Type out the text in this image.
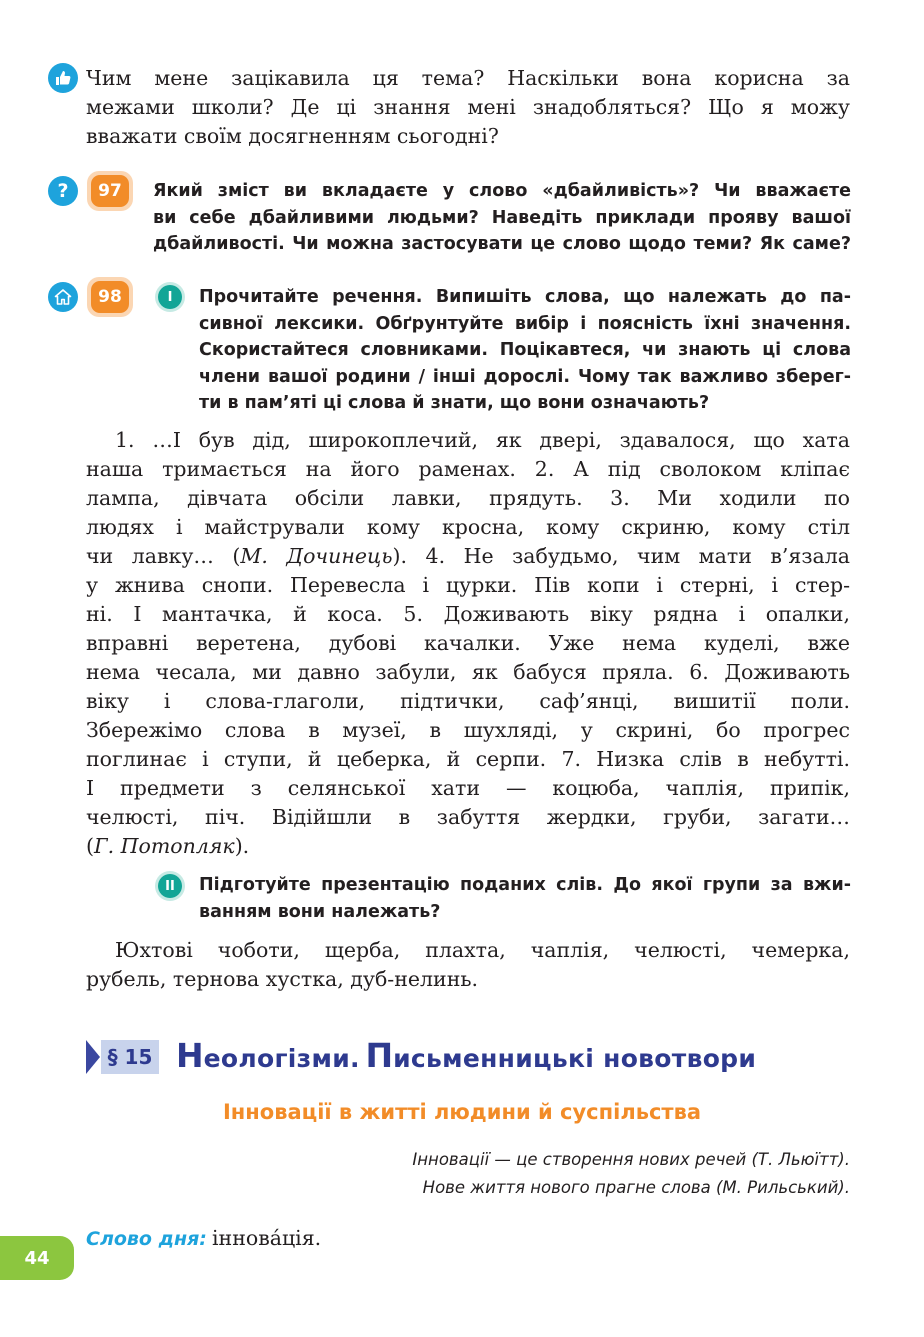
Чим мене зацікавила ця тема? Наскільки вона корисна за
межами школи? Де ці знання мені знадобляться? Що я можу
вважати своїм досягненням сьогодні?
?	97	Який зміст ви вкладаєте у слово «дбайливість»? Чи вважаєте
ви себе дбайливими людьми? Наведіть приклади прояву вашої
дбайливості. Чи можна застосувати це слово щодо теми? Як саме?
98	I	Прочитайте речення. Випишіть слова, що належать до па-
сивної лексики. Обґрунтуйте вибір і поясність їхні значення.
Скористайтеся словниками. Поцікавтеся, чи знають ці слова
члени вашої родини / інші дорослі. Чому так важливо зберег-
ти в пам’яті ці слова й знати, що вони означають?
1. …І був дід, широкоплечий, як двері, здавалося, що хата
наша тримається на його раменах. 2. А під сволоком кліпає
лампа, дівчата обсіли лавки, прядуть. 3. Ми ходили по
людях і майстрували кому кросна, кому скриню, кому стіл
чи лавку… (М. Дочинець). 4. Не забудьмо, чим мати в’язала
у жнива снопи. Перевесла і цурки. Пів копи і стерні, і стер-
ні. І мантачка, й коса. 5. Доживають віку рядна і опалки,
вправні веретена, дубові качалки. Уже нема куделі, вже
нема чесала, ми давно забули, як бабуся пряла. 6. Доживають
віку і слова-глаголи, підтички, саф’янці, вишитії поли.
Збережімо слова в музеї, в шухляді, у скрині, бо прогрес
поглинає і ступи, й цеберка, й серпи. 7. Низка слів в небутті.
І предмети з селянської хати — коцюба, чаплія, припік,
челюсті, піч. Відійшли в забуття жердки, груби, загати…
(Г. Потопляк).
II	Підготуйте презентацію поданих слів. До якої групи за вжи-
ванням вони належать?
Юхтові чоботи, щерба, плахта, чаплія, челюсті, чемерка,
рубель, тернова хустка, дуб-нелинь.
§ 15 Неологізми. Письменницькі новотвори
Інновації в житті людини й суспільства
Інновації — це створення нових речей (Т. Льюїтт).
Нове життя нового прагне слова (М. Рильський).
Слово дня: іннова́ція.
44
